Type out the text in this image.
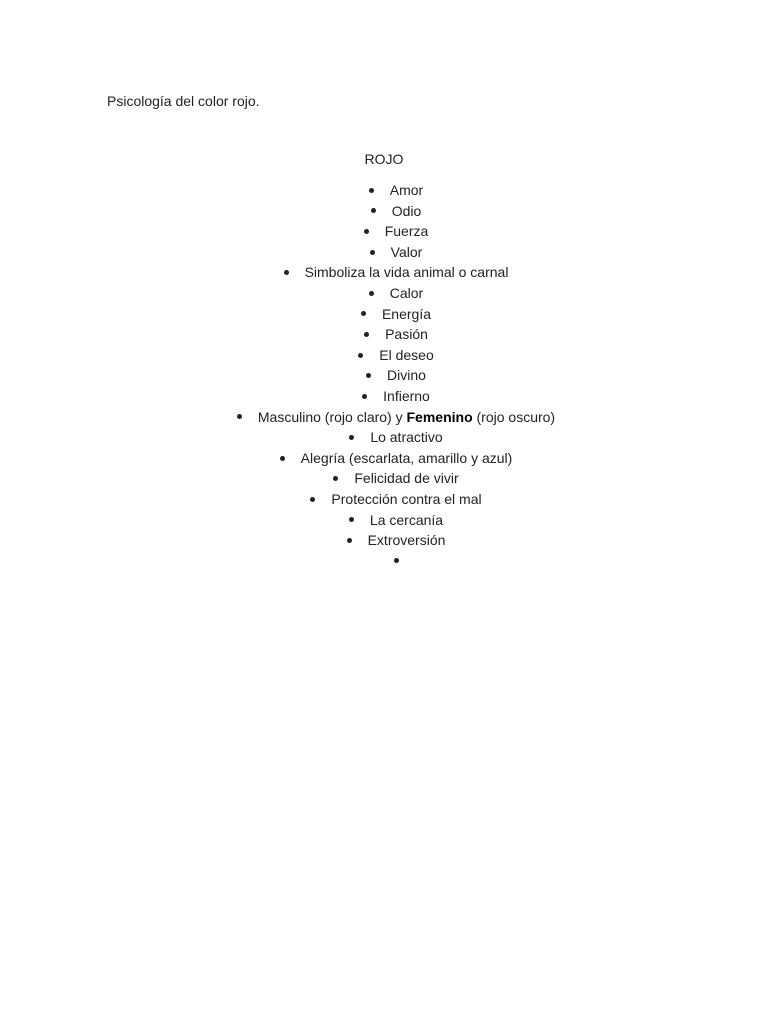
Psicología del color rojo.
ROJO
Amor
Odio
Fuerza
Valor
Simboliza la vida animal o carnal
Calor
Energía
Pasión
El deseo
Divino
Infierno
Masculino (rojo claro) y Femenino (rojo oscuro)
Lo atractivo
Alegría (escarlata, amarillo y azul)
Felicidad de vivir
Protección contra el mal
La cercanía
Extroversión
